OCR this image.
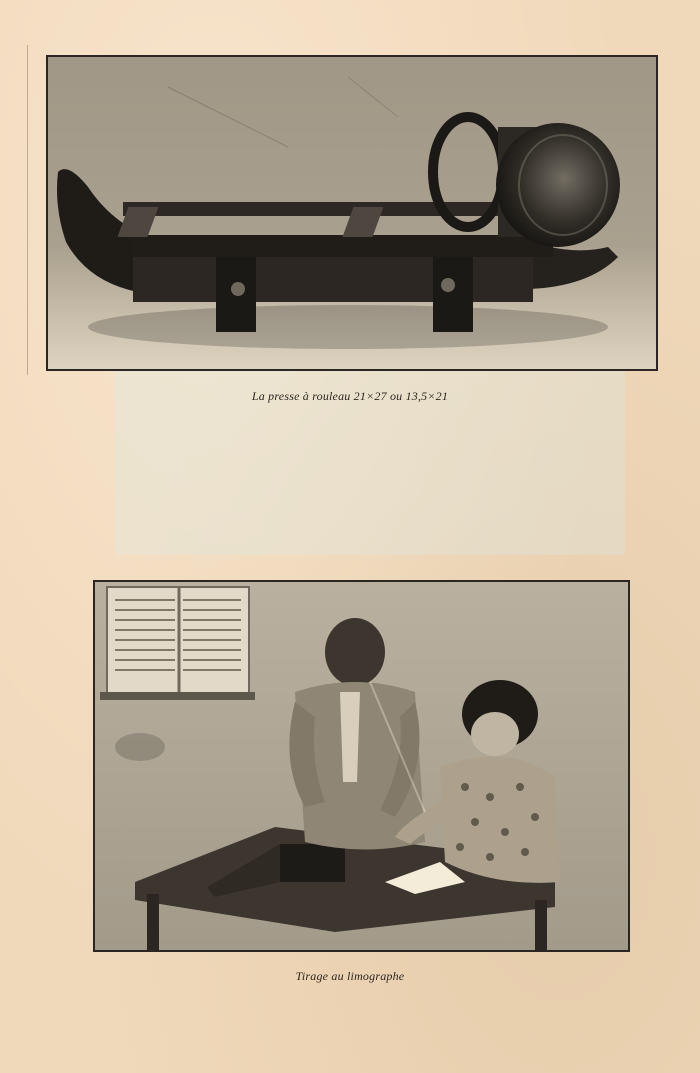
La presse à rouleau 21×27 ou 13,5×21
Tirage au limographe
